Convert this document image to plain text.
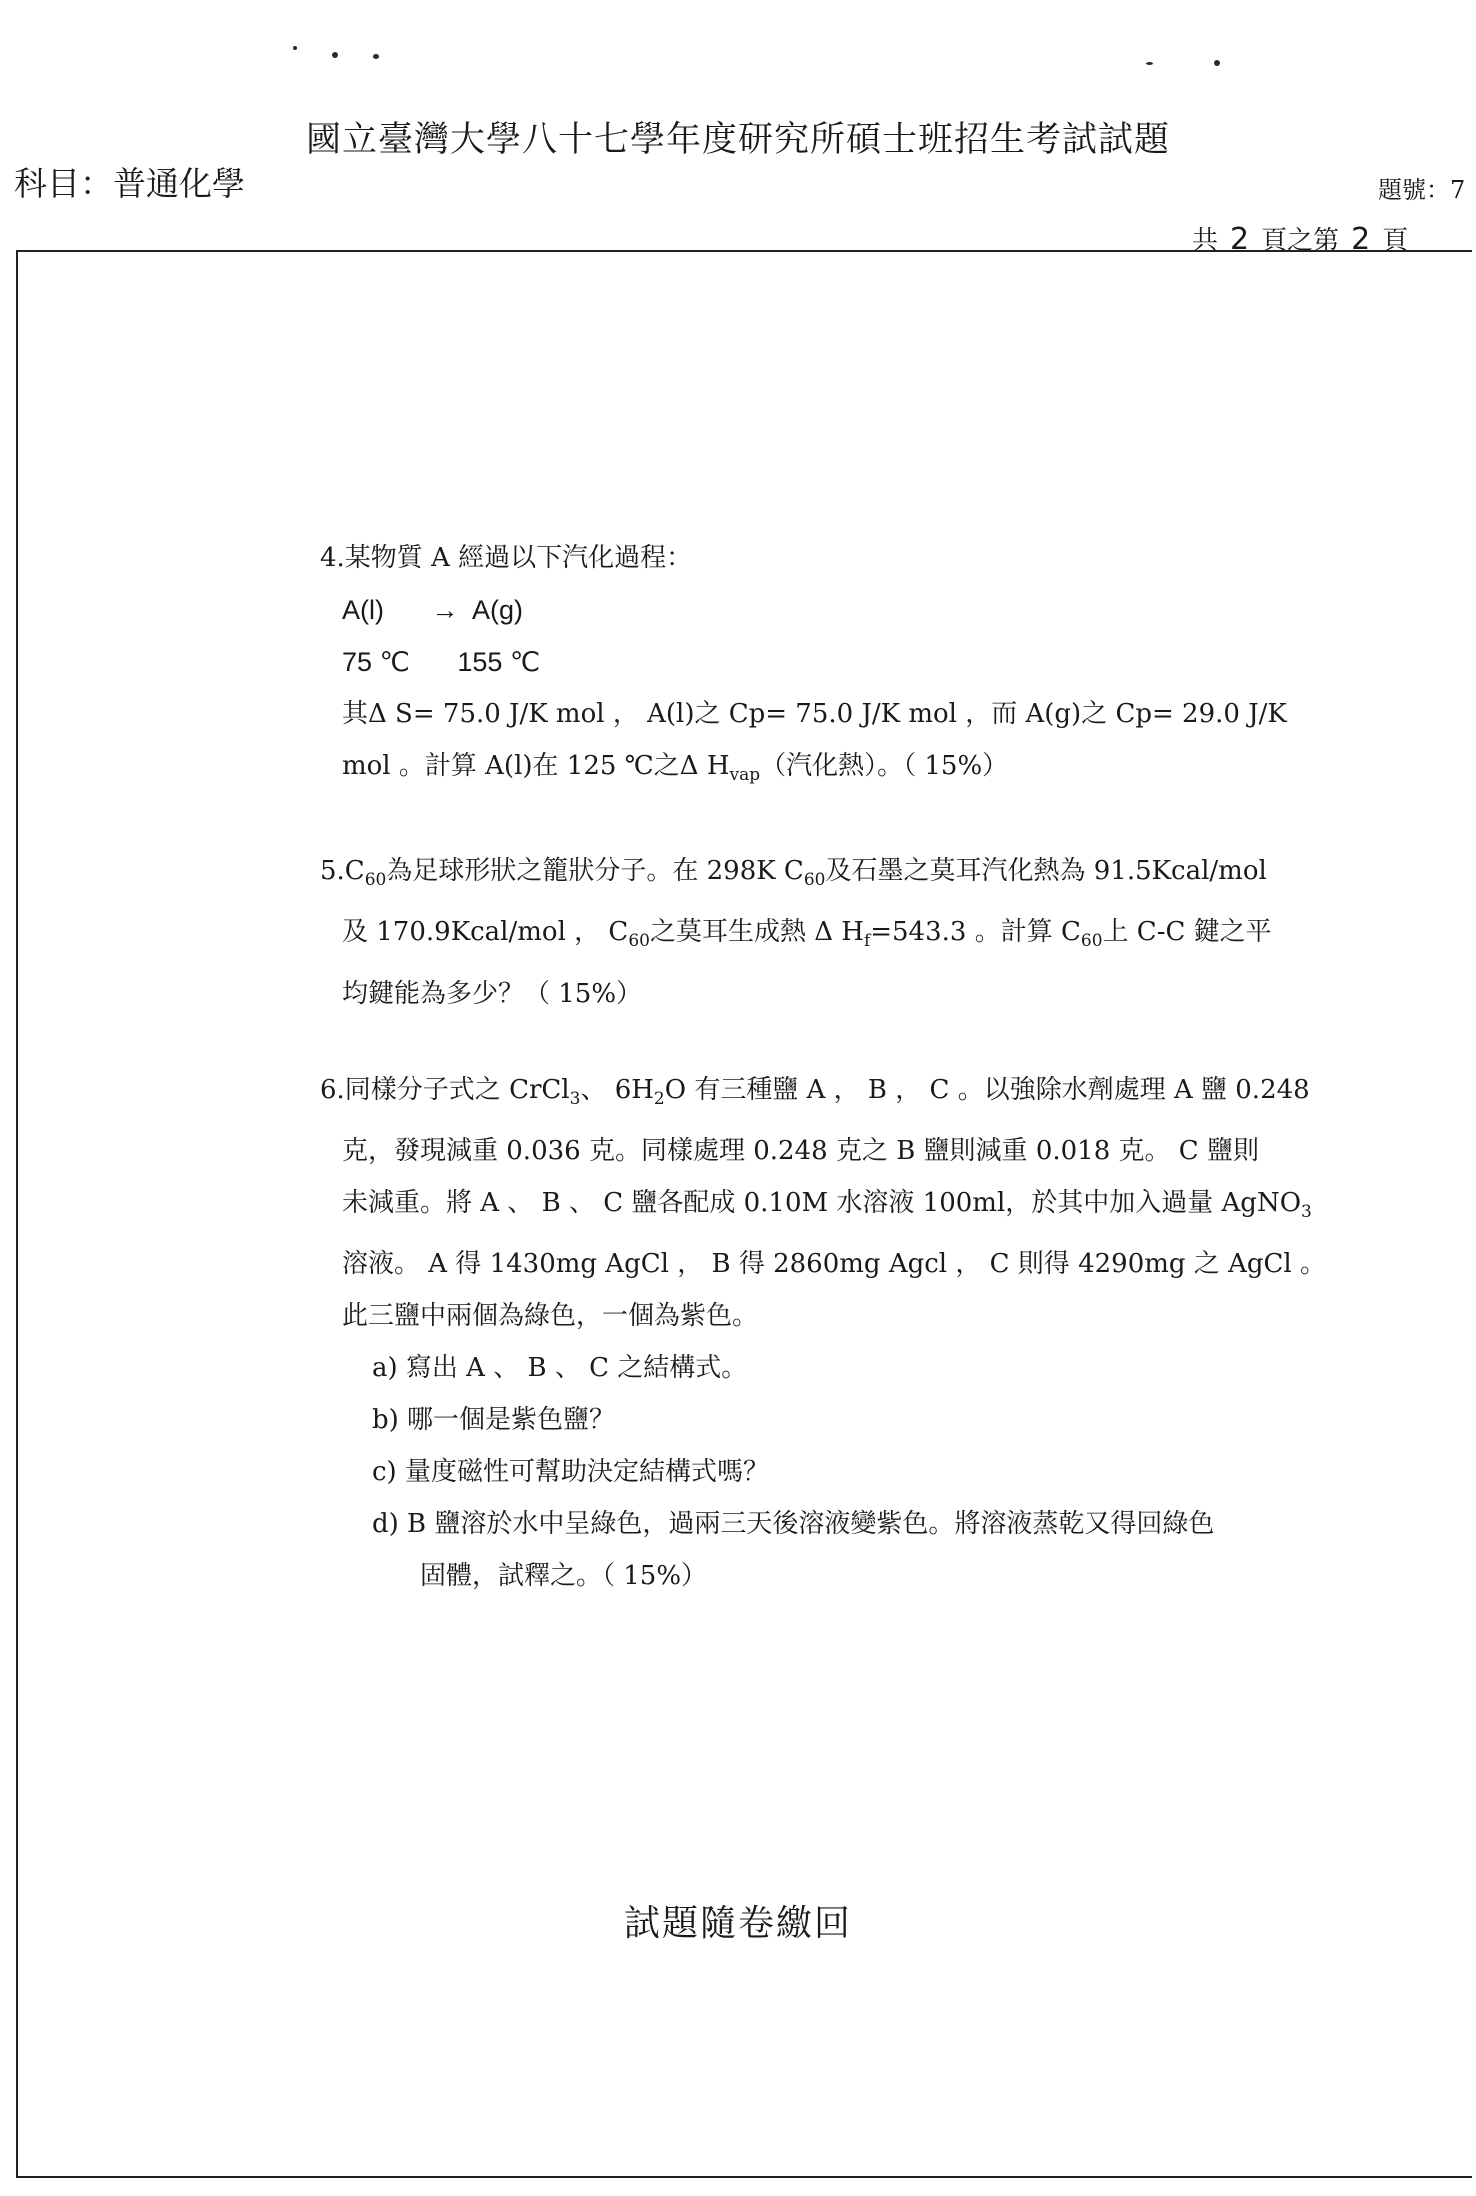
國立臺灣大學八十七學年度研究所碩士班招生考試試題
科目：普通化學	題號：7
共 2 頁之第 2 頁
4.某物質 A 經過以下汽化過程：
A(l) → A(g)
75 ℃ 155 ℃
其Δ S= 75.0 J/K mol ， A(l)之 Cp= 75.0 J/K mol ，而 A(g)之 Cp= 29.0 J/K
mol 。計算 A(l)在 125 ℃之Δ $H_{vap}$（汽化熱）。（ 15%）
$5.C_{60}$為足球形狀之籠狀分子。在 298K $C_{60}$及石墨之莫耳汽化熱為 91.5Kcal/mol
及 170.9Kcal/mol ， $C_{60}$之莫耳生成熱 Δ $H_f=543.3$ 。計算 $C_{60}$上 C-C 鍵之平
均鍵能為多少？（ 15%）
6.同樣分子式之 CrCl$_3$、 $6H_2O$ 有三種鹽 A ， B ， C 。以強除水劑處理 A 鹽 0.248
克，發現減重 0.036 克。同樣處理 0.248 克之 B 鹽則減重 0.018 克。 C 鹽則
未減重。將 A 、 B 、 C 鹽各配成 0.10M 水溶液 100ml，於其中加入過量 AgNO$_3$
溶液。 A 得 1430mg AgCl ， B 得 2860mg Agcl ， C 則得 4290mg 之 AgCl 。
此三鹽中兩個為綠色，一個為紫色。
a) 寫出 A 、 B 、 C 之結構式。
b) 哪一個是紫色鹽？
c) 量度磁性可幫助決定結構式嗎？
d) B 鹽溶於水中呈綠色，過兩三天後溶液變紫色。將溶液蒸乾又得回綠色
固體，試釋之。（ 15%）
試題隨卷繳回
